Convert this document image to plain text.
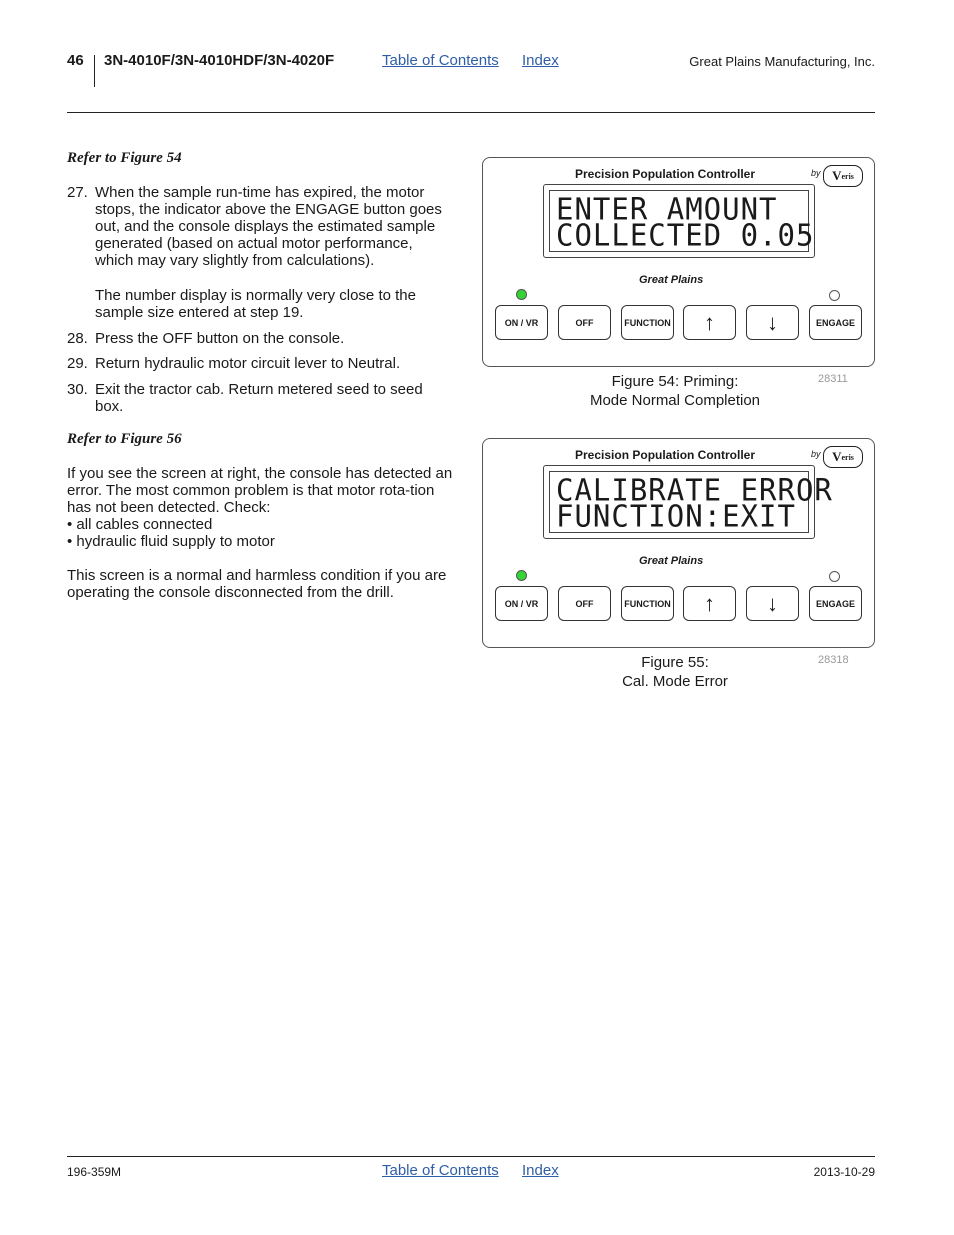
46 3N-4010F/3N-4010HDF/3N-4020F	Table of Contents Index	Great Plains Manufacturing, Inc.
Refer to Figure 54
27. When the sample run-time has expired, the motor stops, the indicator above the ENGAGE button goes out, and the console displays the estimated sample generated (based on actual motor performance, which may vary slightly from calculations).
The number display is normally very close to the sample size entered at step 19.
28. Press the OFF button on the console.
29. Return hydraulic motor circuit lever to Neutral.
30. Exit the tractor cab. Return metered seed to seed box.
Refer to Figure 56
If you see the screen at right, the console has detected an error. The most common problem is that motor rota-tion has not been detected. Check:
• all cables connected
• hydraulic fluid supply to motor
This screen is a normal and harmless condition if you are operating the console disconnected from the drill.
Precision Population Controller	by V eris
ENTER AMOUNT
COLLECTED 0.05
Great Plains
ON / VR	OFF	FUNCTION	↑	↓	ENGAGE
Figure 54: Priming:
Mode Normal Completion
28311
Precision Population Controller	by V eris
CALIBRATE ERROR
FUNCTION:EXIT
Great Plains
ON / VR	OFF	FUNCTION	↑	↓	ENGAGE
Figure 55:
Cal. Mode Error
28318
196-359M	Table of Contents Index	2013-10-29
